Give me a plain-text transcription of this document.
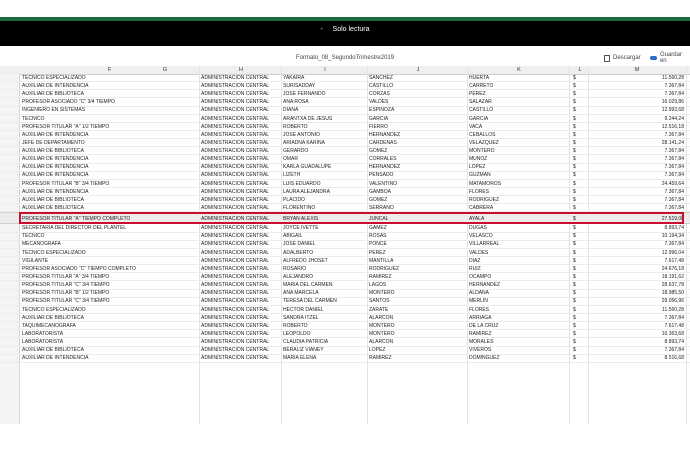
- Solo lectura
Formato_08_SegundoTrimestre2019	Descargar	Guardar en
F	G	H	I	J	K	L	M
TECNICO ESPECIALIZADO	ADMINISTRACION CENTRAL	YAKAIRA	SANCHEZ	HUERTA	$	11.560,28
AUXILIAR DE INTENDENCIA	ADMINISTRACION CENTRAL	SURISADDAY	CASTILLO	CARRETO	$	7.367,84
AUXILIAR DE BIBLIOTECA	ADMINISTRACION CENTRAL	JOSE FERNANDO	CORZAS	PEREZ	$	7.367,84
PROFESOR ASOCIADO "C" 3/4 TIEMPO	ADMINISTRACION CENTRAL	ANA ROSA	VALDES	SALAZAR	$	16.029,86
INGENIERO EN SISTEMAS	ADMINISTRACION CENTRAL	DIANA	ESPINOZA	CASTILLO	$	12.993,68
TECNICO	ADMINISTRACION CENTRAL	ARANTXA DE JESUS	GARCIA	GARCIA	$	9.244,24
PROFESOR TITULAR "A" 1/2 TIEMPO	ADMINISTRACION CENTRAL	ROBERTO	FIERRO	VACA	$	12.516,18
AUXILIAR DE INTENDENCIA	ADMINISTRACION CENTRAL	JOSE ANTONIO	HERNANDEZ	CEBALLOS	$	7.367,84
JEFE DE DEPARTAMENTO	ADMINISTRACION CENTRAL	ARIADNA KARINA	CARDENAS	VELAZQUEZ	$	28.141,24
AUXILIAR DE BIBLIOTECA	ADMINISTRACION CENTRAL	GERARDO	GOMEZ	MONTERO	$	7.367,84
AUXILIAR DE INTENDENCIA	ADMINISTRACION CENTRAL	OMAR	CORRALES	MUÑOZ	$	7.367,84
AUXILIAR DE INTENDENCIA	ADMINISTRACION CENTRAL	KARLA GUADALUPE	HERNANDEZ	LOPEZ	$	7.367,84
AUXILIAR DE INTENDENCIA	ADMINISTRACION CENTRAL	LIZETH	PENSADO	GUZMAN	$	7.367,84
PROFESOR TITULAR "B" 3/4 TIEMPO	ADMINISTRACION CENTRAL	LUIS EDUARDO	VALENTINO	MATAMOROS	$	24.459,64
AUXILIAR DE INTENDENCIA	ADMINISTRACION CENTRAL	LAURA ALEJANDRA	GAMBOA	FLORES	$	7.367,84
AUXILIAR DE BIBLIOTECA	ADMINISTRACION CENTRAL	PLACIDO	GOMEZ	RODRIGUEZ	$	7.367,84
AUXILIAR DE BIBLIOTECA	ADMINISTRACION CENTRAL	FLORENTINO	SERRANO	CABRERA	$	7.367,84
PROFESOR TITULAR "A" TIEMPO COMPLETO	ADMINISTRACION CENTRAL	BRYAN ALEXIS	JUNCAL	AYALA	$	27.519,08
SECRETARIA DEL DIRECTOR DEL PLANTEL	ADMINISTRACION CENTRAL	JOYCE IVETTE	GAMEZ	DUGAS	$	8.893,74
TECNICO	ADMINISTRACION CENTRAL	ABIGAIL	ROSAS	VELASCO	$	10.194,34
MECANOGRAFA	ADMINISTRACION CENTRAL	JOSE DANIEL	PONCE	VILLARREAL	$	7.367,84
TECNICO ESPECIALIZADO	ADMINISTRACION CENTRAL	ADALBERTO	PEREZ	VALDES	$	12.996,04
VIGILANTE	ADMINISTRACION CENTRAL	ALFREDO JHOSET	MANTILLA	DIAZ	$	7.617,48
PROFESOR ASOCIADO "C" TIEMPO COMPLETO	ADMINISTRACION CENTRAL	ROSARIO	RODRIGUEZ	RUIZ	$	24.676,18
PROFESOR TITULAR "A" 3/4 TIEMPO	ADMINISTRACION CENTRAL	ALEJANDRO	RAMIREZ	OCAMPO	$	18.191,62
PROFESOR TITULAR "C" 3/4 TIEMPO	ADMINISTRACION CENTRAL	MARIA DEL CARMEN	LAGOS	HERNANDEZ	$	28.637,78
PROFESOR TITULAR "B" 1/2 TIEMPO	ADMINISTRACION CENTRAL	ANA MARCELA	MONTERO	ALDANA	$	18.985,50
PROFESOR TITULAR "C" 3/4 TIEMPO	ADMINISTRACION CENTRAL	TERESA DEL CARMEN	SANTOS	MERLIN	$	29.056,96
TECNICO ESPECIALIZADO	ADMINISTRACION CENTRAL	HECTOR DANIEL	ZARATE	FLORES	$	11.560,28
AUXILIAR DE BIBLIOTECA	ADMINISTRACION CENTRAL	SANDRA ITZEL	ALARCON	ARRIAGA	$	7.367,84
TAQUIMECANOGRAFA	ADMINISTRACION CENTRAL	ROBERTO	MONTERO	DE LA CRUZ	$	7.617,48
LABORATORISTA	ADMINISTRACION CENTRAL	LEOPOLDO	MONTERO	RAMIREZ	$	10.363,68
LABORATORISTA	ADMINISTRACION CENTRAL	CLAUDIA PATRICIA	ALARCON	MORALES	$	8.893,74
AUXILIAR DE BIBLIOTECA	ADMINISTRACION CENTRAL	BERALIZ VIANEY	LOPEZ	VIVEROS	$	7.367,84
AUXILIAR DE INTENDENCIA	ADMINISTRACION CENTRAL	MARIA ELENA	RAMIREZ	DOMINGUEZ	$	8.516,68
